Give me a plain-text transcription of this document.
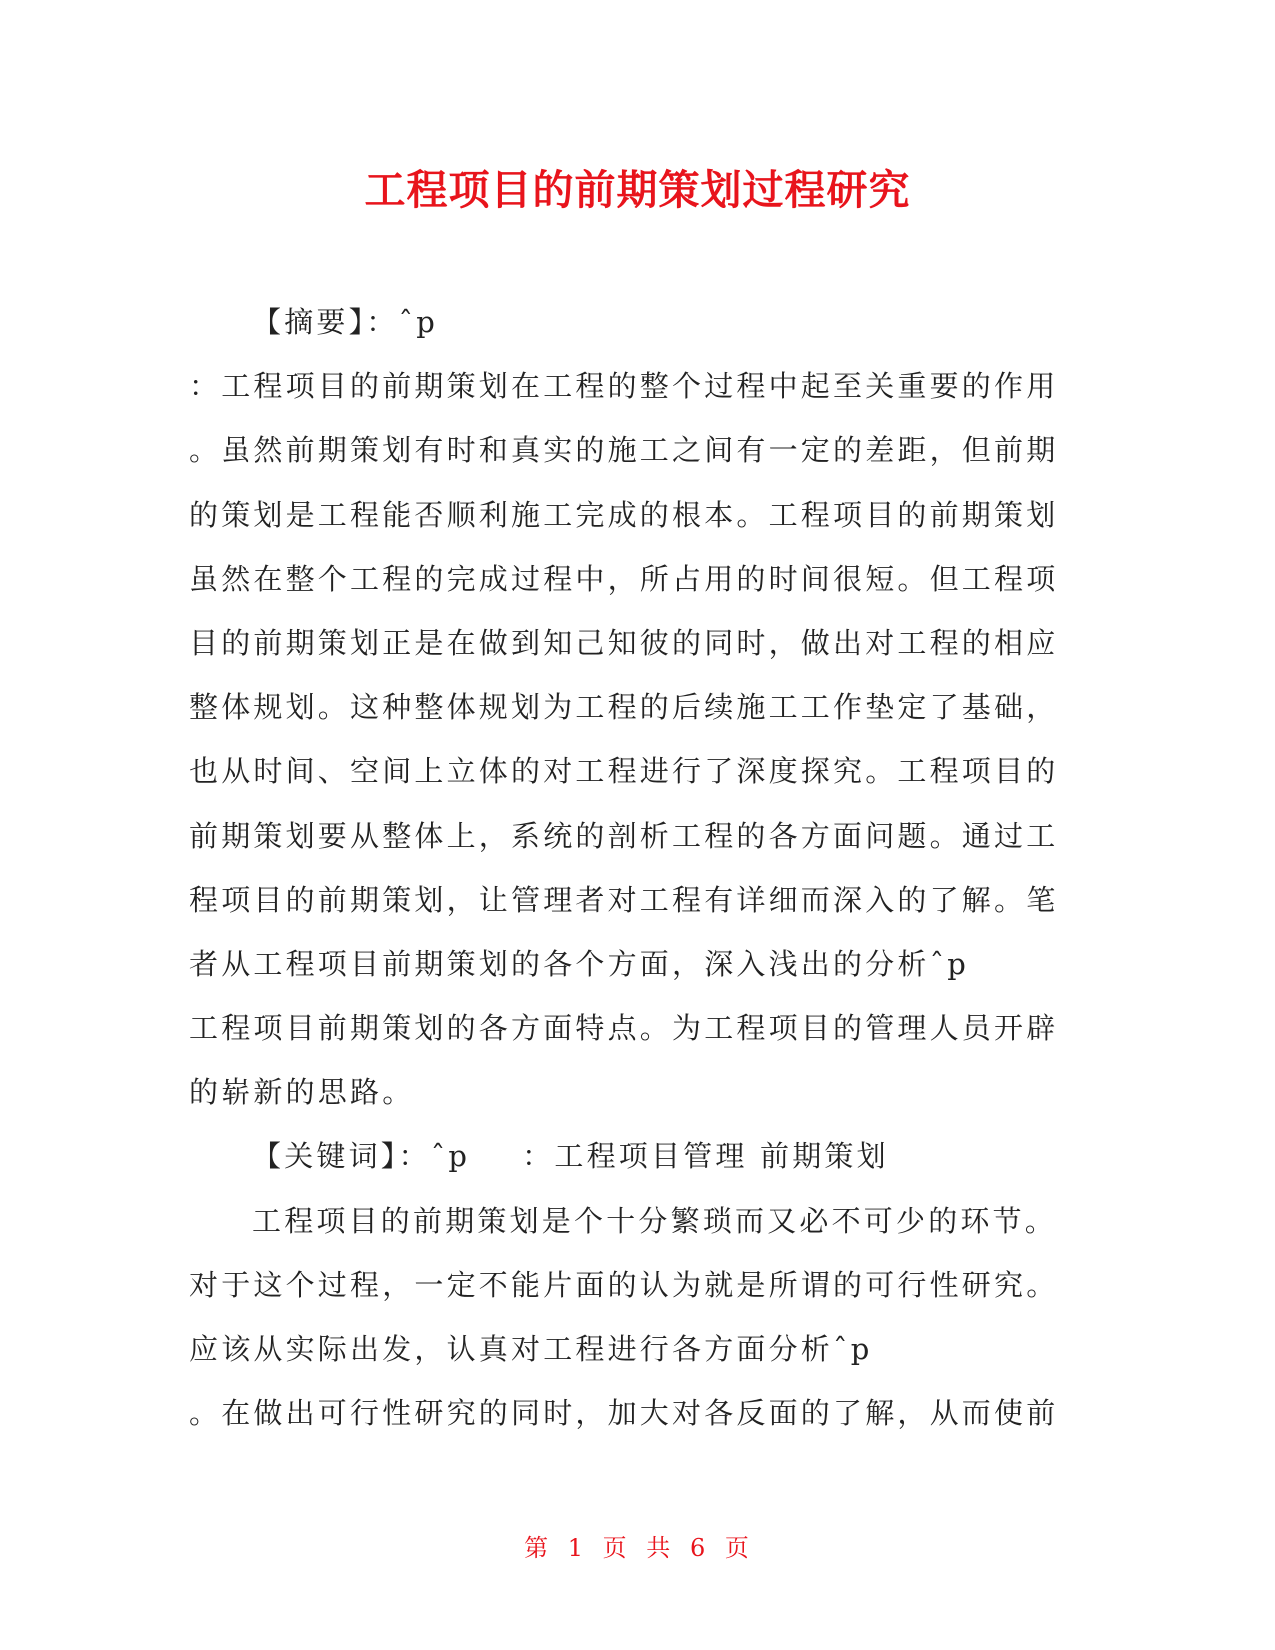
工程项目的前期策划过程研究
【摘要】：ˆp
：工程项目的前期策划在工程的整个过程中起至关重要的作用
。虽然前期策划有时和真实的施工之间有一定的差距，但前期
的策划是工程能否顺利施工完成的根本。工程项目的前期策划
虽然在整个工程的完成过程中，所占用的时间很短。但工程项
目的前期策划正是在做到知己知彼的同时，做出对工程的相应
整体规划。这种整体规划为工程的后续施工工作垫定了基础，
也从时间、空间上立体的对工程进行了深度探究。工程项目的
前期策划要从整体上，系统的剖析工程的各方面问题。通过工
程项目的前期策划，让管理者对工程有详细而深入的了解。笔
者从工程项目前期策划的各个方面，深入浅出的分析ˆp
工程项目前期策划的各方面特点。为工程项目的管理人员开辟
的崭新的思路。
【关键词】：ˆp ：工程项目管理 前期策划
工程项目的前期策划是个十分繁琐而又必不可少的环节。
对于这个过程，一定不能片面的认为就是所谓的可行性研究。
应该从实际出发，认真对工程进行各方面分析ˆp
。在做出可行性研究的同时，加大对各反面的了解，从而使前
第 1 页 共 6 页
